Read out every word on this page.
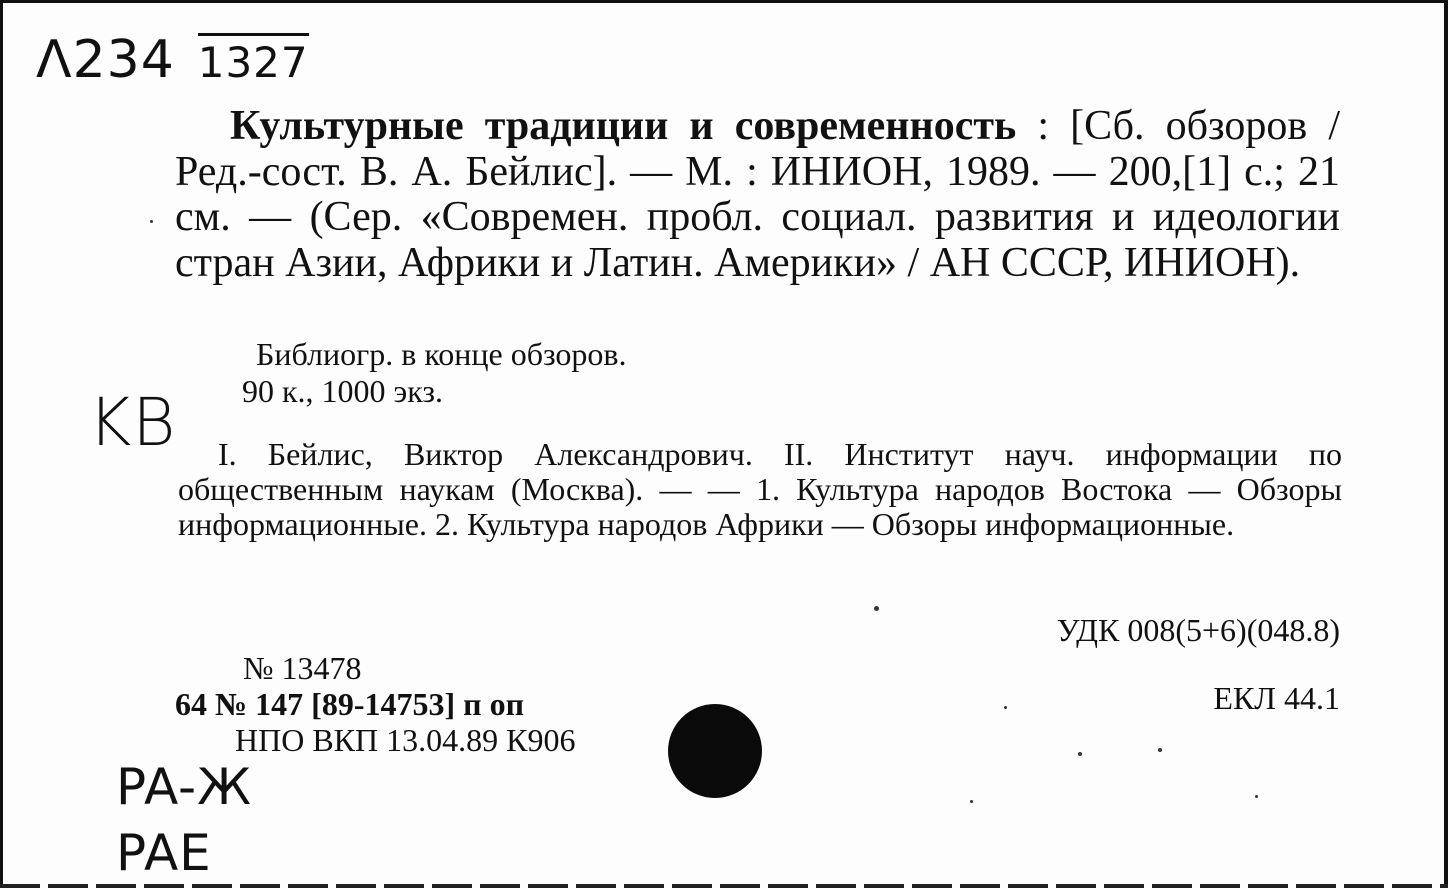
Λ234 1327
KB
PA-Ж
PAE

Культурные традиции и современность : [Сб. обзоров / Ред.-сост. В. А. Бейлис]. — М. : ИНИОН, 1989. — 200,[1] с.; 21 см. — (Сер. «Современ. пробл. социал. развития и идеологии стран Азии, Африки и Латин. Америки» / АН СССР, ИНИОН).

Библиогр. в конце обзоров.
90 к., 1000 экз.

I. Бейлис, Виктор Александрович. II. Институт науч. информации по общественным наукам (Москва). — — 1. Культура народов Востока — Обзоры информационные. 2. Культура народов Африки — Обзоры информационные.

УДК 008(5+6)(048.8)
ЕКЛ 44.1
№ 13478
64 № 147 [89-14753] п оп
НПО ВКП 13.04.89 К906
